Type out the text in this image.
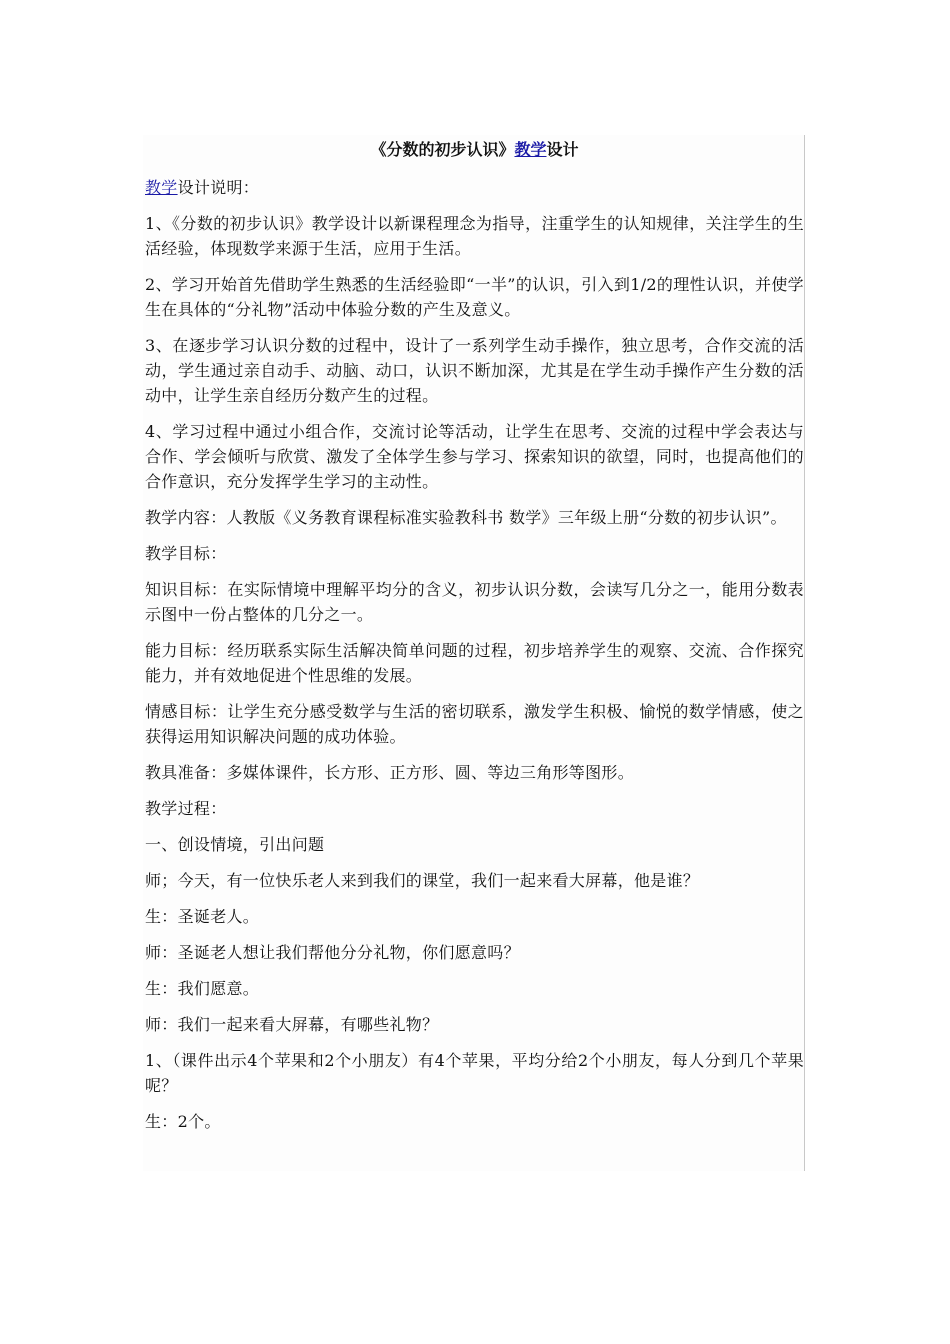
《分数的初步认识》教学设计

教学设计说明：

1、《分数的初步认识》教学设计以新课程理念为指导，注重学生的认知规律，关注学生的生活经验，体现数学来源于生活，应用于生活。

2、学习开始首先借助学生熟悉的生活经验即“一半”的认识，引入到1/2的理性认识，并使学生在具体的“分礼物”活动中体验分数的产生及意义。

3、在逐步学习认识分数的过程中，设计了一系列学生动手操作，独立思考，合作交流的活动，学生通过亲自动手、动脑、动口，认识不断加深，尤其是在学生动手操作产生分数的活动中，让学生亲自经历分数产生的过程。

4、学习过程中通过小组合作，交流讨论等活动，让学生在思考、交流的过程中学会表达与合作、学会倾听与欣赏、激发了全体学生参与学习、探索知识的欲望，同时，也提高他们的合作意识，充分发挥学生学习的主动性。

教学内容：人教版《义务教育课程标准实验教科书 数学》三年级上册“分数的初步认识”。

教学目标：

知识目标：在实际情境中理解平均分的含义，初步认识分数，会读写几分之一，能用分数表示图中一份占整体的几分之一。

能力目标：经历联系实际生活解决简单问题的过程，初步培养学生的观察、交流、合作探究能力，并有效地促进个性思维的发展。

情感目标：让学生充分感受数学与生活的密切联系，激发学生积极、愉悦的数学情感，使之获得运用知识解决问题的成功体验。

教具准备：多媒体课件，长方形、正方形、圆、等边三角形等图形。

教学过程：

一、创设情境，引出问题

师；今天，有一位快乐老人来到我们的课堂，我们一起来看大屏幕，他是谁？

生：圣诞老人。

师：圣诞老人想让我们帮他分分礼物，你们愿意吗？

生：我们愿意。

师：我们一起来看大屏幕，有哪些礼物？

1、（课件出示4个苹果和2个小朋友）有4个苹果，平均分给2个小朋友，每人分到几个苹果呢？

生：2个。
